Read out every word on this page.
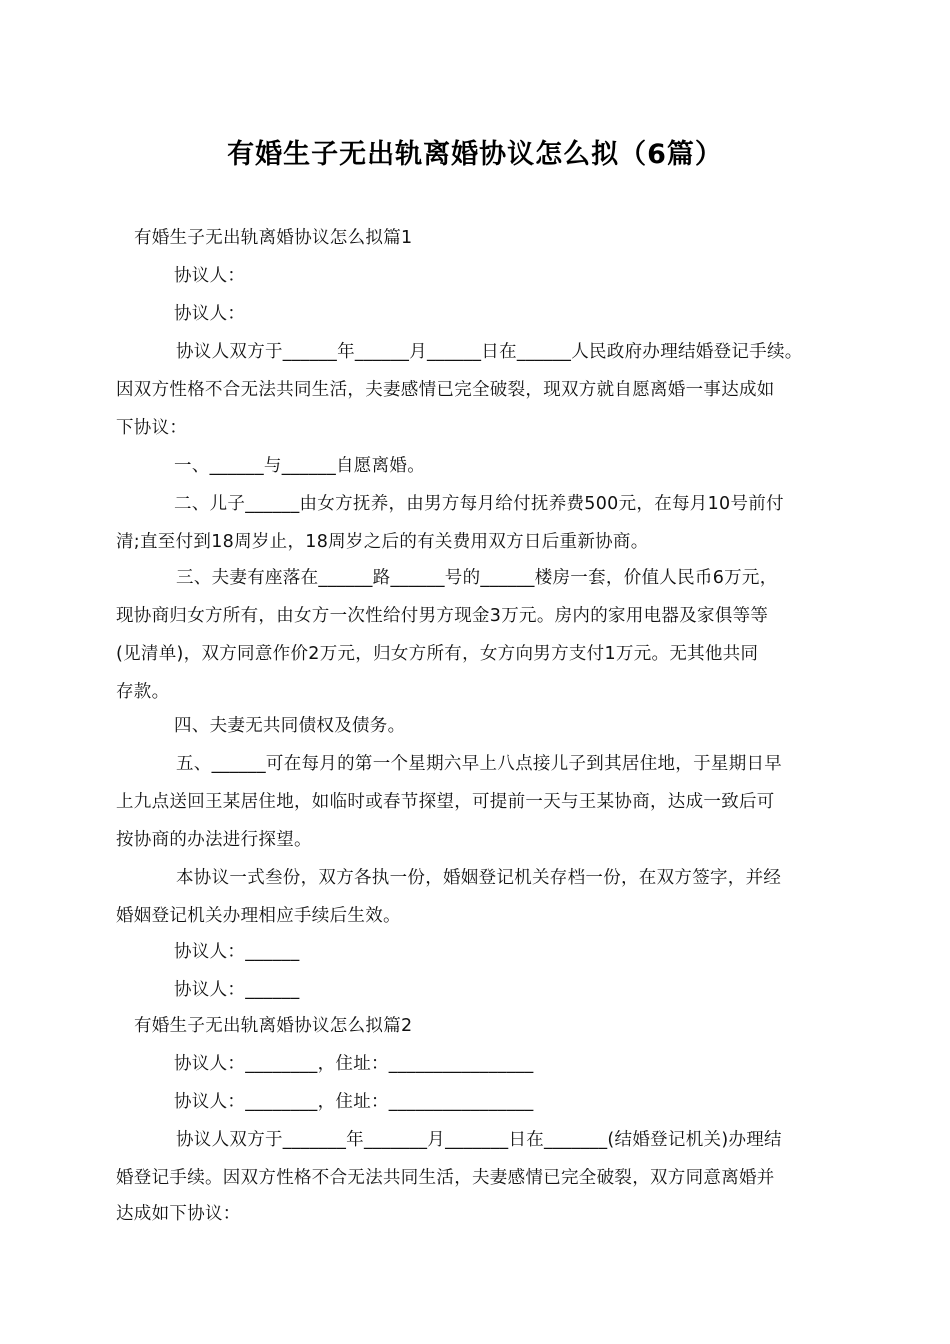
有婚生子无出轨离婚协议怎么拟（6篇）
有婚生子无出轨离婚协议怎么拟篇1
协议人：
协议人：
协议人双方于______年______月______日在______人民政府办理结婚登记手续。
因双方性格不合无法共同生活，夫妻感情已完全破裂，现双方就自愿离婚一事达成如
下协议：
一、______与______自愿离婚。
二、儿子______由女方抚养，由男方每月给付抚养费500元，在每月10号前付
清;直至付到18周岁止，18周岁之后的有关费用双方日后重新协商。
三、夫妻有座落在______路______号的______楼房一套，价值人民币6万元，
现协商归女方所有，由女方一次性给付男方现金3万元。房内的家用电器及家俱等等
(见清单)，双方同意作价2万元，归女方所有，女方向男方支付1万元。无其他共同
存款。
四、夫妻无共同债权及债务。
五、______可在每月的第一个星期六早上八点接儿子到其居住地，于星期日早
上九点送回王某居住地，如临时或春节探望，可提前一天与王某协商，达成一致后可
按协商的办法进行探望。
本协议一式叁份，双方各执一份，婚姻登记机关存档一份，在双方签字，并经
婚姻登记机关办理相应手续后生效。
协议人：______
协议人：______
有婚生子无出轨离婚协议怎么拟篇2
协议人：________，住址：________________
协议人：________，住址：________________
协议人双方于_______年_______月_______日在_______(结婚登记机关)办理结
婚登记手续。因双方性格不合无法共同生活，夫妻感情已完全破裂，双方同意离婚并
达成如下协议：
